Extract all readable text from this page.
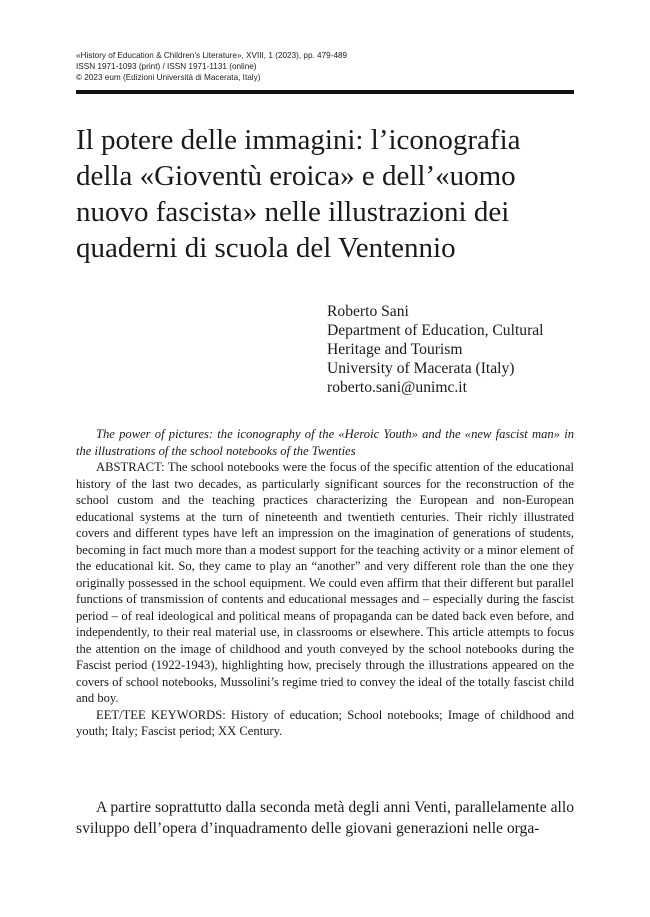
«History of Education & Children’s Literature», XVIII, 1 (2023), pp. 479-489
ISSN 1971-1093 (print) / ISSN 1971-1131 (online)
© 2023 eum (Edizioni Università di Macerata, Italy)
Il potere delle immagini: l’iconografia
della «Gioventù eroica» e dell’«uomo
nuovo fascista» nelle illustrazioni dei
quaderni di scuola del Ventennio
Roberto Sani
Department of Education, Cultural
Heritage and Tourism
University of Macerata (Italy)
roberto.sani@unimc.it

The power of pictures: the iconography of the «Heroic Youth» and the «new fascist man» in the illustrations of the school notebooks of the Twenties

ABSTRACT: The school notebooks were the focus of the specific attention of the educational history of the last two decades, as particularly significant sources for the reconstruction of the school custom and the teaching practices characterizing the European and non-European educational systems at the turn of nineteenth and twentieth centuries. Their richly illustrated covers and different types have left an impression on the imagination of generations of students, becoming in fact much more than a modest support for the teaching activity or a minor element of the educational kit. So, they came to play an “another” and very different role than the one they originally possessed in the school equipment. We could even affirm that their different but parallel functions of transmission of contents and educational messages and – especially during the fascist period – of real ideological and political means of propaganda can be dated back even before, and independently, to their real material use, in classrooms or elsewhere. This article attempts to focus the attention on the image of childhood and youth conveyed by the school notebooks during the Fascist period (1922-1943), highlighting how, precisely through the illustrations appeared on the covers of school notebooks, Mussolini’s regime tried to convey the ideal of the totally fascist child and boy.

EET/TEE KEYWORDS: History of education; School notebooks; Image of childhood and youth; Italy; Fascist period; XX Century.

A partire soprattutto dalla seconda metà degli anni Venti, parallelamente allo sviluppo dell’opera d’inquadramento delle giovani generazioni nelle orga-
